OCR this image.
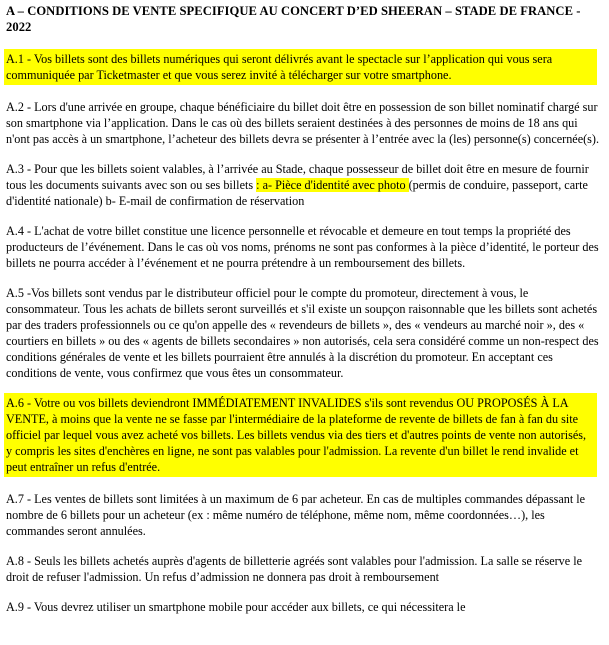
A – CONDITIONS DE VENTE SPECIFIQUE AU CONCERT D’ED SHEERAN – STADE DE FRANCE - 2022
A.1 - Vos billets sont des billets numériques qui seront délivrés avant le spectacle sur l’application qui vous sera communiquée par Ticketmaster et que vous serez invité à télécharger sur votre smartphone.
A.2 - Lors d'une arrivée en groupe, chaque bénéficiaire du billet doit être en possession de son billet nominatif chargé sur son smartphone via l’application. Dans le cas où des billets seraient destinées à des personnes de moins de 18 ans qui n'ont pas accès à un smartphone, l’acheteur des billets devra se présenter à l’entrée avec la (les) personne(s) concernée(s).
A.3 - Pour que les billets soient valables, à l’arrivée au Stade, chaque possesseur de billet doit être en mesure de fournir tous les documents suivants avec son ou ses billets : a- Pièce d'identité avec photo (permis de conduire, passeport, carte d'identité nationale) b- E-mail de confirmation de réservation
A.4 - L'achat de votre billet constitue une licence personnelle et révocable et demeure en tout temps la propriété des producteurs de l’événement. Dans le cas où vos noms, prénoms ne sont pas conformes à la pièce d’identité, le porteur des billets ne pourra accéder à l’événement et ne pourra prétendre à un remboursement des billets.
A.5 -Vos billets sont vendus par le distributeur officiel pour le compte du promoteur, directement à vous, le consommateur. Tous les achats de billets seront surveillés et s'il existe un soupçon raisonnable que les billets sont achetés par des traders professionnels ou ce qu'on appelle des « revendeurs de billets », des « vendeurs au marché noir », des « courtiers en billets » ou des « agents de billets secondaires » non autorisés, cela sera considéré comme un non-respect des conditions générales de vente et les billets pourraient être annulés à la discrétion du promoteur. En acceptant ces conditions de vente, vous confirmez que vous êtes un consommateur.
A.6 - Votre ou vos billets deviendront IMMÉDIATEMENT INVALIDES s'ils sont revendus OU PROPOSÉS À LA VENTE, à moins que la vente ne se fasse par l'intermédiaire de la plateforme de revente de billets de fan à fan du site officiel par lequel vous avez acheté vos billets. Les billets vendus via des tiers et d'autres points de vente non autorisés, y compris les sites d'enchères en ligne, ne sont pas valables pour l'admission. La revente d'un billet le rend invalide et peut entraîner un refus d'entrée.
A.7 - Les ventes de billets sont limitées à un maximum de 6 par acheteur. En cas de multiples commandes dépassant le nombre de 6 billets pour un acheteur (ex : même numéro de téléphone, même nom, même coordonnées…), les commandes seront annulées.
A.8 - Seuls les billets achetés auprès d'agents de billetterie agréés sont valables pour l'admission. La salle se réserve le droit de refuser l'admission. Un refus d’admission ne donnera pas droit à remboursement
A.9 - Vous devrez utiliser un smartphone mobile pour accéder aux billets, ce qui nécessitera le
